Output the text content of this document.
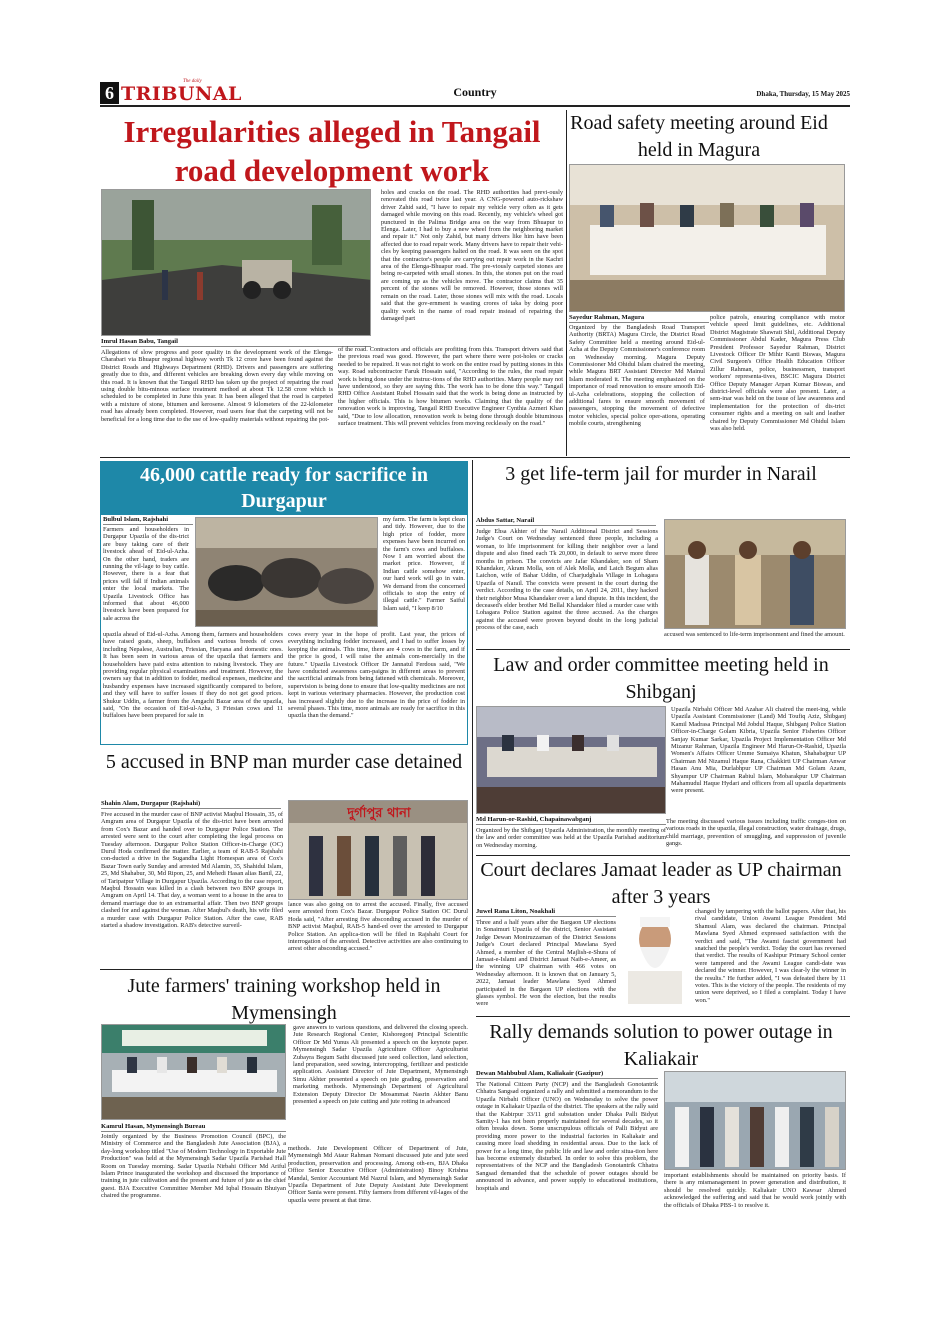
6
The daily
TRIBUNAL	Country	Dhaka, Thursday, 15 May 2025
Irregularities alleged in Tangail road development work
Imrul Hasan Babu, Tangail
Allegations of slow progress and poor quality in the development work of the Elenga-Charabari via Bhuapur regional highway worth Tk 12 crore have been found against the District Roads and Highways Department (RHD). Drivers and passengers are suffering greatly due to this, and different vehicles are breaking down every day while moving on this road. It is known that the Tangail RHD has taken up the project of repairing the road using double bitu-minous surface treatment method at about Tk 12.58 crore which is scheduled to be completed in June this year. It has been alleged that the road is carpeted with a mixture of stone, bitumen and kerosene. Almost 9 kilometers of the 22-kilometer road has already been completed. However, road users fear that the carpeting will not be beneficial for a long time due to the use of low-quality materials without repairing the pot-
holes and cracks on the road. The RHD authorities had previ-ously renovated this road twice last year. A CNG-powered auto-rickshaw driver Zahid said, "I have to repair my vehicle very often as it gets damaged while moving on this road. Recently, my vehicle's wheel got punctured in the Palima Bridge area on the way from Bhuapur to Elenga. Later, I had to buy a new wheel from the neighboring market and repair it." Not only Zahid, but many drivers like him have been affected due to road repair work. Many drivers have to repair their vehi-cles by keeping passengers halted on the road. It was seen on the spot that the contractor's people are carrying out repair work in the Kachri area of the Elenga-Bhuapur road. The pre-viously carpeted stones are being re-carpeted with small stones. In this, the stones put on the road are coming up as the vehicles move. The contractor claims that 35 percent of the stones will be removed. However, those stones will remain on the road. Later, those stones will mix with the road. Locals said that the gov-ernment is wasting crores of taka by doing poor quality work in the name of road repair instead of repairing the damaged part
of the road. Contractors and officials are profiting from this. Transport drivers said that the previous road was good. However, the part where there were pot-holes or cracks needed to be repaired. It was not right to work on the entire road by putting stones in this way. Road subcontractor Faruk Hossain said, "According to the rules, the road repair work is being done under the instruc-tions of the RHD authorities. Many people may not have understood, so they are saying this. The work has to be done this way." Tangail RHD Office Assistant Rubel Hossain said that the work is being done as instructed by the higher officials. This is how bitumen works. Claiming that the quality of the renovation work is improving, Tangail RHD Executive Engineer Cynthia Azmeri Khan said, "Due to low allocation, renovation work is being done through double bituminous surface treatment. This will prevent vehicles from moving recklessly on the road."
Road safety meeting around Eid held in Magura
Sayedur Rahman, Magura
Organized by the Bangladesh Road Transport Authority (BRTA) Magura Circle, the District Road Safety Committee held a meeting around Eid-ul-Azha at the Deputy Commissioner's conference room on Wednesday morning. Magura Deputy Commissioner Md Ohidul Islam chaired the meeting, while Magura BRT Assistant Director Md Mainul Islam moderated it. The meeting emphasized on the importance of road renovation to ensure smooth Eid-ul-Azha celebrations, stopping the collection of additional fares to ensure smooth movement of passengers, stopping the movement of defective motor vehicles, special police oper-ations, operating mobile courts, strengthening
police patrols, ensuring compliance with motor vehicle speed limit guidelines, etc. Additional District Magistrate Shawrati Shil, Additional Deputy Commissioner Abdul Kader, Magura Press Club President Professor Sayedur Rahman, District Livestock Officer Dr Mihir Kanti Biswas, Magura Civil Surgeon's Office Health Education Officer Zillur Rahman, police, businessmen, transport workers' representa-tives, BSCIC Magura District Office Deputy Manager Arpan Kumar Biswas, and district-level officials were also present. Later, a sem-inar was held on the issue of law awareness and implementation for the protection of dis-trict consumer rights and a meeting on salt and leather chaired by Deputy Commissioner Md Ohidul Islam was also held.
46,000 cattle ready for sacrifice in Durgapur
Bulbul Islam, Rajshahi
Farmers and householders in Durgapur Upazila of the dis-trict are busy taking care of their livestock ahead of Eid-ul-Azha. On the other hand, traders are running the vil-lage to buy cattle. However, there is a fear that prices will fall if Indian animals enter the local markets. The Upazila Livestock Office has informed that about 46,000 livestock have been prepared for sale across the
upazila ahead of Eid-ul-Azha. Among them, farmers and householders have raised goats, sheep, buffaloes and various breeds of cows including Nepalese, Australian, Friesian, Haryana and domestic ones. It has been seen in various areas of the upazila that farmers and householders have paid extra attention to raising livestock. They are providing regular physical examinations and treatment. However, the owners say that in addition to fodder, medical expenses, medicine and husbandry expenses have increased significantly compared to before, and they will have to suffer losses if they do not get good prices. Shukur Uddin, a farmer from the Amgachi Bazar area of the upazila, said, "On the occasion of Eid-ul-Azha, 3 Friesian cows and 11 buffaloes have been prepared for sale in
my farm. The farm is kept clean and tidy. However, due to the high price of fodder, more expenses have been incurred on the farm's cows and buffaloes. Now I am worried about the market price. However, if Indian cattle somehow enter, our hard work will go in vain. We demand from the concerned officials to stop the entry of illegal cattle." Farmer Saiful Islam said, "I keep 8/10
cows every year in the hope of profit. Last year, the prices of everything including fodder increased, and I had to suffer losses by keeping the animals. This time, there are 4 cows in the farm, and if the price is good, I will raise the animals com-mercially in the future." Upazila Livestock Officer Dr Jannatul Ferdous said, "We have conducted awareness cam-paigns in different areas to prevent the sacrificial animals from being fattened with chemicals. Moreover, supervision is being done to ensure that low-quality medicines are not kept in various veterinary pharmacies. However, the production cost has increased slightly due to the increase in the price of fodder in several phases. This time, more animals are ready for sacrifice in this upazila than the demand."
3 get life-term jail for murder in Narail
Abdus Sattar, Narail
Judge Ehsa Akhter of the Narail Additional District and Sessions Judge's Court on Wednesday sentenced three people, including a woman, to life imprisonment for killing their neighbor over a land dispute and also fined each Tk 20,000, in default to serve more three months in prison. The convicts are Jafar Khandaker, son of Sham Khandaker, Akram Molla, son of Alek Molla, and Laich Begum alias Laichon, wife of Bahar Uddin, of Charjudghala Village in Lohagara Upazila of Narail. The convicts were present in the court during the verdict. According to the case details, on April 24, 2011, they hacked their neighbor Musa Khandaker over a land dispute. In this incident, the deceased's elder brother Md Bellal Khandaker filed a murder case with Lohagara Police Station against the three accused. As the charges against the accused were proven beyond doubt in the long judicial process of the case, each
accused was sentenced to life-term imprisonment and fined the amount.
Law and order committee meeting held in Shibganj
Md Harun-or-Rashid, Chapainawabganj
Organized by the Shibganj Upazila Administration, the monthly meeting of the law and order committee was held at the Upazila Parishad auditorium on Wednesday morning.
Upazila Nirbahi Officer Md Azahar Ali chaired the meet-ing, while Upazila Assistant Commissioner (Land) Md Toufiq Aziz, Shibganj Kamil Madrasa Principal Md Jobdul Haque, Shibganj Police Station Officer-in-Charge Golam Kibria, Upazila Senior Fisheries Officer Sanjay Kumar Sarkar, Upazila Project Implementation Officer Md Mizanur Rahman, Upazila Engineer Md Harun-Or-Rashid, Upazila Women's Affairs Officer Umme Sumaiya Khatun, Shahabajpur UP Chairman Md Nizamul Haque Rana, Chakkirti UP Chairman Anwar Hasan Anu Mia, Durlabhpur UP Chairman Md Golam Azam, Shyampur UP Chairman Rabiul Islam, Mobarakpur UP Chairman Mahamudul Haque Hydari and officers from all upazila departments were present.
The meeting discussed various issues including traffic conges-tion on various roads in the upazila, illegal construction, water drainage, drugs, child marriage, prevention of smuggling, and suppression of juvenile gangs.
5 accused in BNP man murder case detained
Shahin Alam, Durgapur (Rajshahi)
Five accused in the murder case of BNP activist Maqbul Hossain, 35, of Amgram area of Durgapur Upazila of the dis-trict have been arrested from Cox's Bazar and handed over to Durgapur Police Station. The arrested were sent to the court after completing the legal process on Tuesday afternoon. Durgapur Police Station Officer-in-Charge (OC) Durul Hoda confirmed the matter. Earlier, a team of RAB-5 Rajshahi con-ducted a drive in the Sugandha Light Homespan area of Cox's Bazar Town early Sunday and arrested Md Alamin, 35, Shahidul Islam, 25, Md Shahabur, 30, Md Ripon, 25, and Mehedi Hasan alias Banil, 22, of Taripatpur Village in Durgapur Upazila. According to the case report, Maqbul Hossain was killed in a clash between two BNP groups in Amgram on April 14. That day, a woman went to a house in the area to demand marriage due to an extramarital affair. Then two BNP groups clashed for and against the woman. After Maqbul's death, his wife filed a murder case with Durgapur Police Station. After the case, RAB started a shadow investigation. RAB's detective surveil-
দুর্গাপুর থানা
lance was also going on to arrest the accused. Finally, five accused were arrested from Cox's Bazar. Durgapur Police Station OC Durul Hoda said, "After arresting five absconding accused in the murder of BNP activist Maqbul, RAB-5 hand-ed over the arrested to Durgapur Police Station. An applica-tion will be filed in Rajshahi Court for interrogation of the arrested. Detective activities are also continuing to arrest other absconding accused."
Court declares Jamaat leader as UP chairman after 3 years
Juwel Rana Liton, Noakhali
Three and a half years after the Bargaon UP elections in Sonaimuri Upazila of the district, Senior Assistant Judge Dewan Moniruzzaman of the District Sessions Judge's Court declared Principal Mawlana Syed Ahmed, a member of the Central Majlish-e-Shura of Jamaat-e-Islami and District Jamaat Naib-e-Ameer, as the winning UP chairman with 466 votes on Wednesday afternoon. It is known that on January 5, 2022, Jamaat leader Mawlana Syed Ahmed participated in the Bargaon UP elections with the glasses symbol. He won the election, but the results were
changed by tampering with the ballot papers. After that, his rival candidate, Union Awami League President Md Shamsul Alam, was declared the chairman. Principal Mawlana Syed Ahmed expressed satisfaction with the verdict and said, "The Awami fascist government had snatched the people's verdict. Today the court has reversed that verdict. The results of Kashipur Primary School center were tampered and the Awami League candi-date was declared the winner. However, I was clear-ly the winner in the results." He further added, "I was defeated there by 11 votes. This is the victory of the people. The residents of my union were deprived, so I filed a complaint. Today I have won."
Jute farmers' training workshop held in Mymensingh
Kamrul Hasan, Mymensingh Bureau
Jointly organized by the Business Promotion Council (BPC), the Ministry of Commerce and the Bangladesh Jute Association (BJA), a day-long workshop titled "Use of Modern Technology in Exportable Jute Production" was held at the Mymensingh Sadar Upazila Parishad Hall Room on Tuesday morning. Sadar Upazila Nirbahi Officer Md Ariful Islam Prince inaugurated the workshop and discussed the importance of training in jute cultivation and the present and future of jute as the chief guest. BJA Executive Committee Member Md Iqbal Hossain Bhuiyan chaired the programme.
gave answers to various questions, and delivered the closing speech. Jute Research Regional Center, Kishoregonj Principal Scientific Officer Dr Md Yunus Ali presented a speech on the keynote paper. Mymensingh Sadar Upazila Agriculture Officer Agriculturist Zubayra Begum Sathi discussed jute seed collection, land selection, land preparation, seed sowing, intercropping, fertilizer and pesticide application. Assistant Director of Jute Department, Mymensingh Simu Akhter presented a speech on jute grading, preservation and marketing methods. Mymensingh Department of Agricultural Extension Deputy Director Dr Mosammat Nasrin Akhter Banu presented a speech on jute cutting and jute rotting in advanced
methods. Jute Development Officer of Department of Jute, Mymensingh Md Ataur Rahman Nomani discussed jute and jute seed production, preservation and processing. Among oth-ers, BJA Dhaka Office Senior Executive Officer (Administration) Binoy Krishna Mandal, Senior Accountant Md Nazrul Islam, and Mymensingh Sadar Upazila Department of Jute Deputy Assistant Jute Development Officer Sania were present. Fifty farmers from different vil-lages of the upazila were present at that time.
Rally demands solution to power outage in Kaliakair
Dewan Mahbubul Alam, Kaliakair (Gazipur)
The National Citizen Party (NCP) and the Bangladesh Gonotantrik Chhatra Sangsad organized a rally and submitted a memorandum to the Upazila Nirbahi Officer (UNO) on Wednesday to solve the power outage in Kaliakair Upazila of the district. The speakers at the rally said that the Kabirpur 33/11 grid substation under Dhaka Palli Bidyut Samity-1 has not been properly maintained for several decades, so it often breaks down. Some unscrupulous officials of Palli Bidyut are providing more power to the industrial factories in Kaliakair and causing more load shedding in residential areas. Due to the lack of power for a long time, the public life and law and order situa-tion here has become extremely disturbed. In order to solve this problem, the representatives of the NCP and the Bangladesh Gonotantrik Chhatra Sangsad demanded that the schedule of power outages should be announced in advance, and power supply to educational institutions, hospitals and
important establishments should be maintained on priority basis. If there is any mismanagement in power generation and distribution, it should be resolved quickly. Kaliakair UNO Kawsar Ahmed acknowledged the suffering and said that he would work jointly with the officials of Dhaka PBS-1 to resolve it.
